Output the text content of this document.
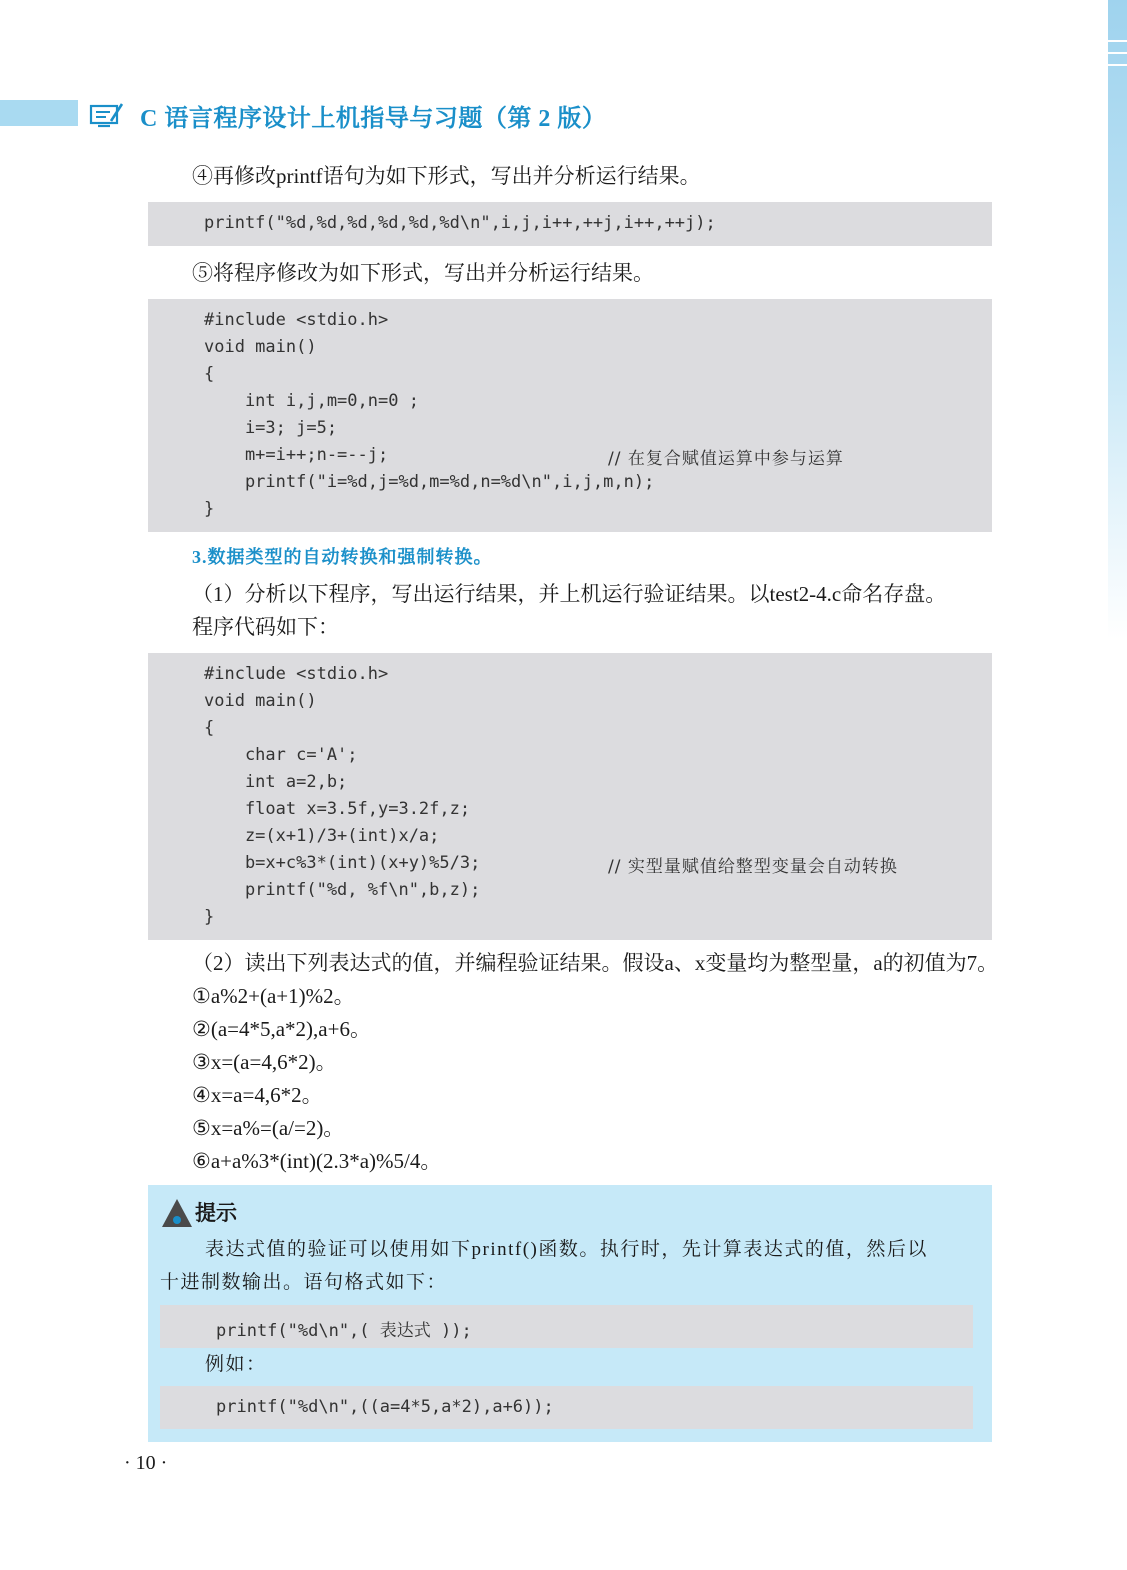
C 语言程序设计上机指导与习题（第 2 版）
④再修改printf语句为如下形式，写出并分析运行结果。
printf("%d,%d,%d,%d,%d,%d\n",i,j,i++,++j,i++,++j);
⑤将程序修改为如下形式，写出并分析运行结果。
#include <stdio.h>
void main()
{
int i,j,m=0,n=0 ;
i=3; j=5;
m+=i++;n-=--j;	// 在复合赋值运算中参与运算
printf("i=%d,j=%d,m=%d,n=%d\n",i,j,m,n);
}
3.数据类型的自动转换和强制转换。
（1）分析以下程序，写出运行结果，并上机运行验证结果。以test2-4.c命名存盘。
程序代码如下：
#include <stdio.h>
void main()
{
char c='A';
int a=2,b;
float x=3.5f,y=3.2f,z;
z=(x+1)/3+(int)x/a;
b=x+c%3*(int)(x+y)%5/3;	// 实型量赋值给整型变量会自动转换
printf("%d, %f\n",b,z);
}
（2）读出下列表达式的值，并编程验证结果。假设a、x变量均为整型量，a的初值为7。
①a%2+(a+1)%2。
②(a=4*5,a*2),a+6。
③x=(a=4,6*2)。
④x=a=4,6*2。
⑤x=a%=(a/=2)。
⑥a+a%3*(int)(2.3*a)%5/4。
提示
表达式值的验证可以使用如下printf()函数。执行时，先计算表达式的值，然后以
十进制数输出。语句格式如下：
printf("%d\n",( 表达式 ));
例如：
printf("%d\n",((a=4*5,a*2),a+6));
· 10 ·
